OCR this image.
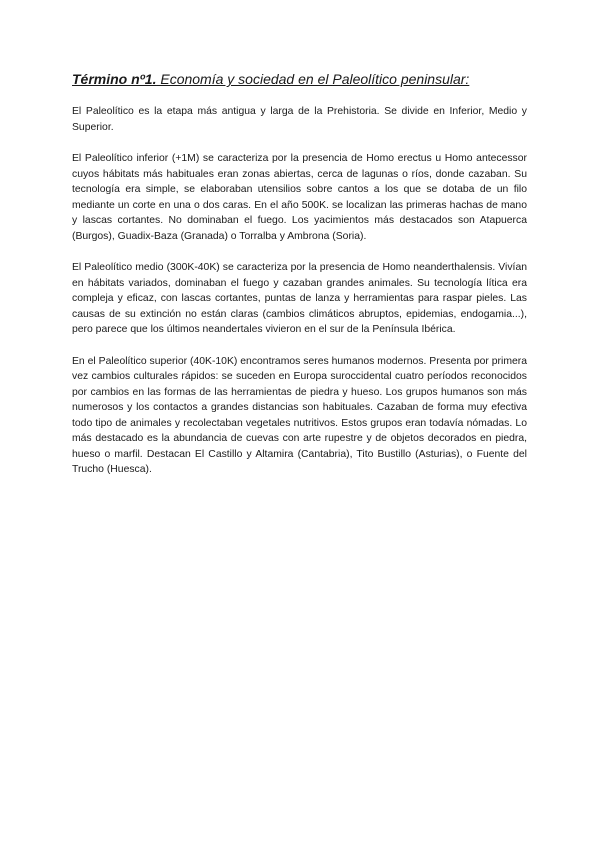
Término nº1. Economía y sociedad en el Paleolítico peninsular:

El Paleolítico es la etapa más antigua y larga de la Prehistoria. Se divide en Inferior, Medio y Superior.

El Paleolítico inferior (+1M) se caracteriza por la presencia de Homo erectus u Homo antecessor cuyos hábitats más habituales eran zonas abiertas, cerca de lagunas o ríos, donde cazaban. Su tecnología era simple, se elaboraban utensilios sobre cantos a los que se dotaba de un filo mediante un corte en una o dos caras. En el año 500K. se localizan las primeras hachas de mano y lascas cortantes. No dominaban el fuego. Los yacimientos más destacados son Atapuerca (Burgos), Guadix-Baza (Granada) o Torralba y Ambrona (Soria).

El Paleolítico medio (300K-40K) se caracteriza por la presencia de Homo neanderthalensis. Vivían en hábitats variados, dominaban el fuego y cazaban grandes animales. Su tecnología lítica era compleja y eficaz, con lascas cortantes, puntas de lanza y herramientas para raspar pieles. Las causas de su extinción no están claras (cambios climáticos abruptos, epidemias, endogamia...), pero parece que los últimos neandertales vivieron en el sur de la Península Ibérica.

En el Paleolítico superior (40K-10K) encontramos seres humanos modernos. Presenta por primera vez cambios culturales rápidos: se suceden en Europa suroccidental cuatro períodos reconocidos por cambios en las formas de las herramientas de piedra y hueso. Los grupos humanos son más numerosos y los contactos a grandes distancias son habituales. Cazaban de forma muy efectiva todo tipo de animales y recolectaban vegetales nutritivos. Estos grupos eran todavía nómadas. Lo más destacado es la abundancia de cuevas con arte rupestre y de objetos decorados en piedra, hueso o marfil. Destacan El Castillo y Altamira (Cantabria), Tito Bustillo (Asturias), o Fuente del Trucho (Huesca).
